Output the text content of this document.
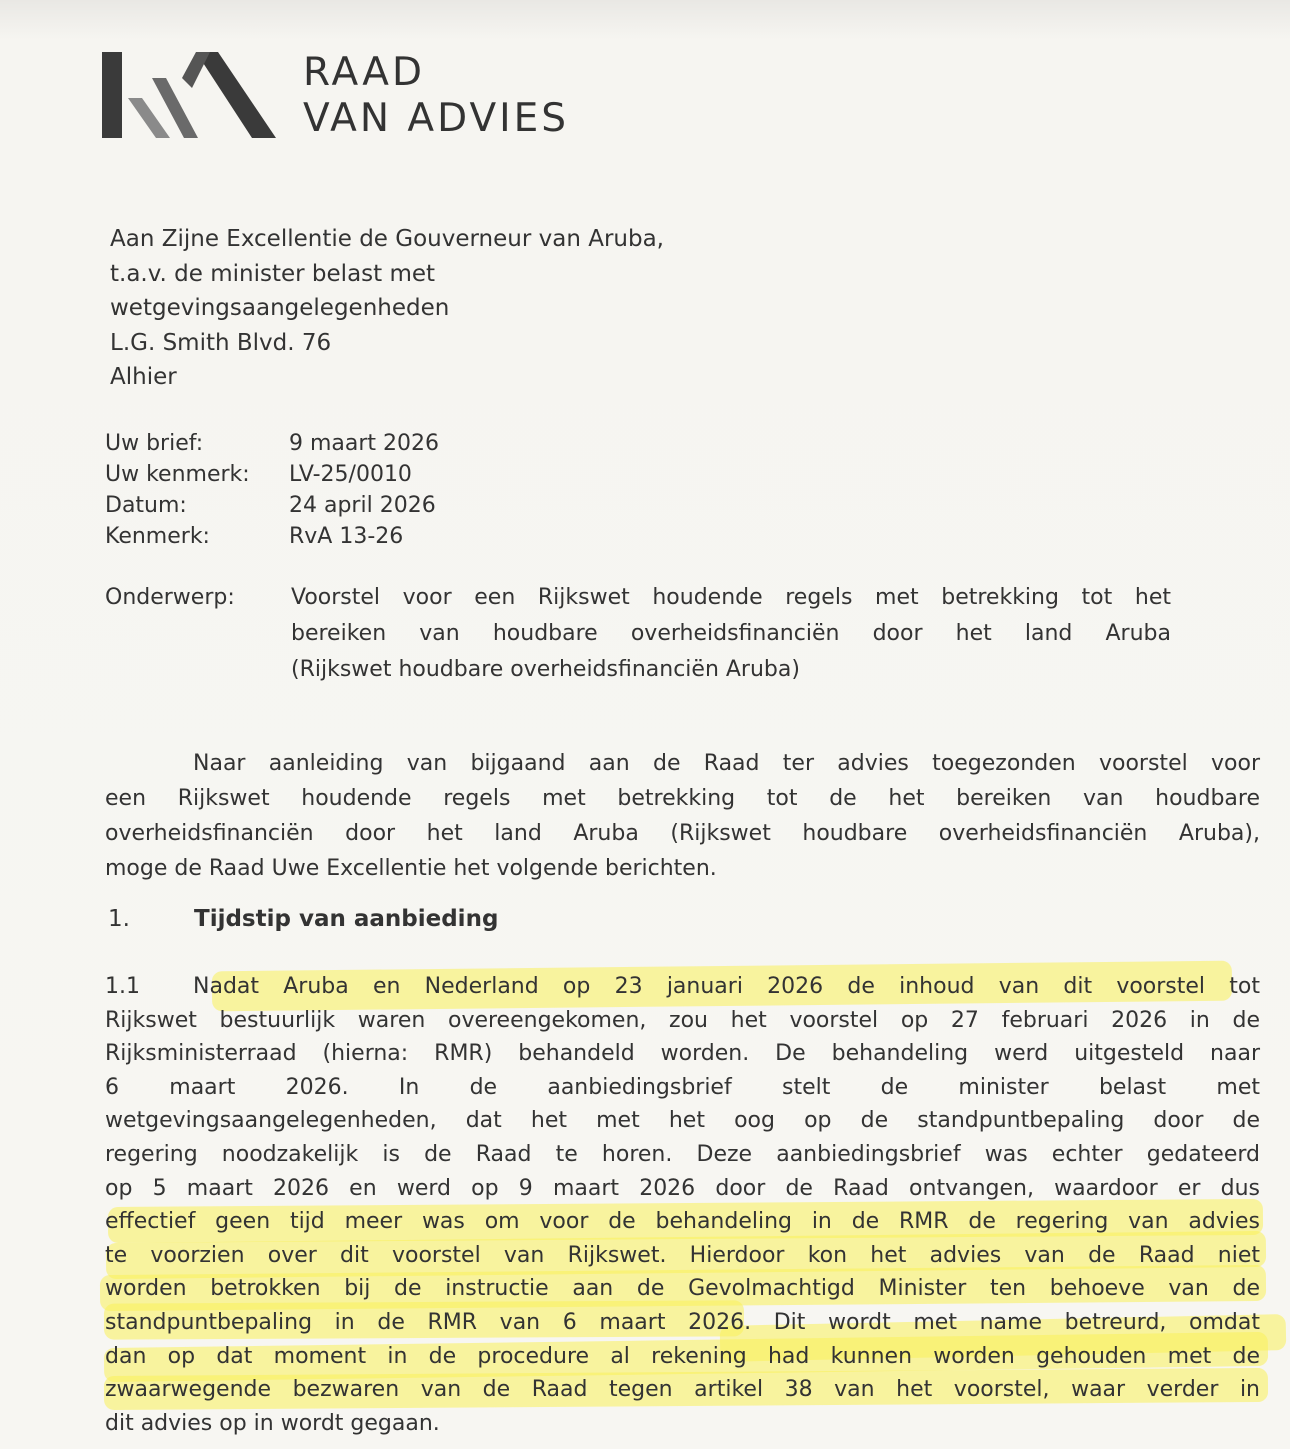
RAAD
VAN ADVIES
Aan Zijne Excellentie de Gouverneur van Aruba,
t.a.v. de minister belast met
wetgevingsaangelegenheden
L.G. Smith Blvd. 76
Alhier
Uw brief:	9 maart 2026
Uw kenmerk:	LV-25/0010
Datum:	24 april 2026
Kenmerk:	RvA 13-26
Onderwerp:	Voorstel voor een Rijkswet houdende regels met betrekking tot het
bereiken van houdbare overheidsfinanciën door het land Aruba
(Rijkswet houdbare overheidsfinanciën Aruba)
Naar aanleiding van bijgaand aan de Raad ter advies toegezonden voorstel voor
een Rijkswet houdende regels met betrekking tot de het bereiken van houdbare
overheidsfinanciën door het land Aruba (Rijkswet houdbare overheidsfinanciën Aruba),
moge de Raad Uwe Excellentie het volgende berichten.
1.	Tijdstip van aanbieding
1.1	Nadat Aruba en Nederland op 23 januari 2026 de inhoud van dit voorstel tot
Rijkswet bestuurlijk waren overeengekomen, zou het voorstel op 27 februari 2026 in de
Rijksministerraad (hierna: RMR) behandeld worden. De behandeling werd uitgesteld naar
6 maart 2026. In de aanbiedingsbrief stelt de minister belast met
wetgevingsaangelegenheden, dat het met het oog op de standpuntbepaling door de
regering noodzakelijk is de Raad te horen. Deze aanbiedingsbrief was echter gedateerd
op 5 maart 2026 en werd op 9 maart 2026 door de Raad ontvangen, waardoor er dus
effectief geen tijd meer was om voor de behandeling in de RMR de regering van advies
te voorzien over dit voorstel van Rijkswet. Hierdoor kon het advies van de Raad niet
worden betrokken bij de instructie aan de Gevolmachtigd Minister ten behoeve van de
standpuntbepaling in de RMR van 6 maart 2026. Dit wordt met name betreurd, omdat
dan op dat moment in de procedure al rekening had kunnen worden gehouden met de
zwaarwegende bezwaren van de Raad tegen artikel 38 van het voorstel, waar verder in
dit advies op in wordt gegaan.
